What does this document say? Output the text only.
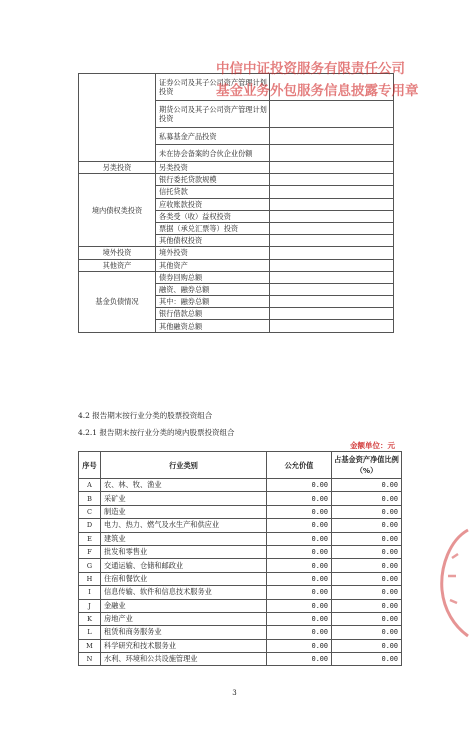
	证券公司及其子公司资产管理计划投资	
	期货公司及其子公司资产管理计划投资	
	私募基金产品投资	
	未在协会备案的合伙企业份额	
另类投资	另类投资	
境内债权类投资	银行委托贷款规模	
	信托贷款	
	应收账款投资	
	各类受（收）益权投资	
	票据（承兑汇票等）投资	
	其他债权投资	
境外投资	境外投资	
其他资产	其他资产	
基金负债情况	债券回购总额	
	融资、融券总额	
	其中：融券总额	
	银行借款总额	
	其他融资总额	
中信中证投资服务有限责任公司
基金业务外包服务信息披露专用章
4.2 报告期末按行业分类的股票投资组合
4.2.1 报告期末按行业分类的境内股票投资组合
金额单位：元
序号	行业类别	公允价值	占基金资产净值比例（%）
A	农、林、牧、渔业	0.00	0.00
B	采矿业	0.00	0.00
C	制造业	0.00	0.00
D	电力、热力、燃气及水生产和供应业	0.00	0.00
E	建筑业	0.00	0.00
F	批发和零售业	0.00	0.00
G	交通运输、仓储和邮政业	0.00	0.00
H	住宿和餐饮业	0.00	0.00
I	信息传输、软件和信息技术服务业	0.00	0.00
J	金融业	0.00	0.00
K	房地产业	0.00	0.00
L	租赁和商务服务业	0.00	0.00
M	科学研究和技术服务业	0.00	0.00
N	水利、环境和公共设施管理业	0.00	0.00
3
